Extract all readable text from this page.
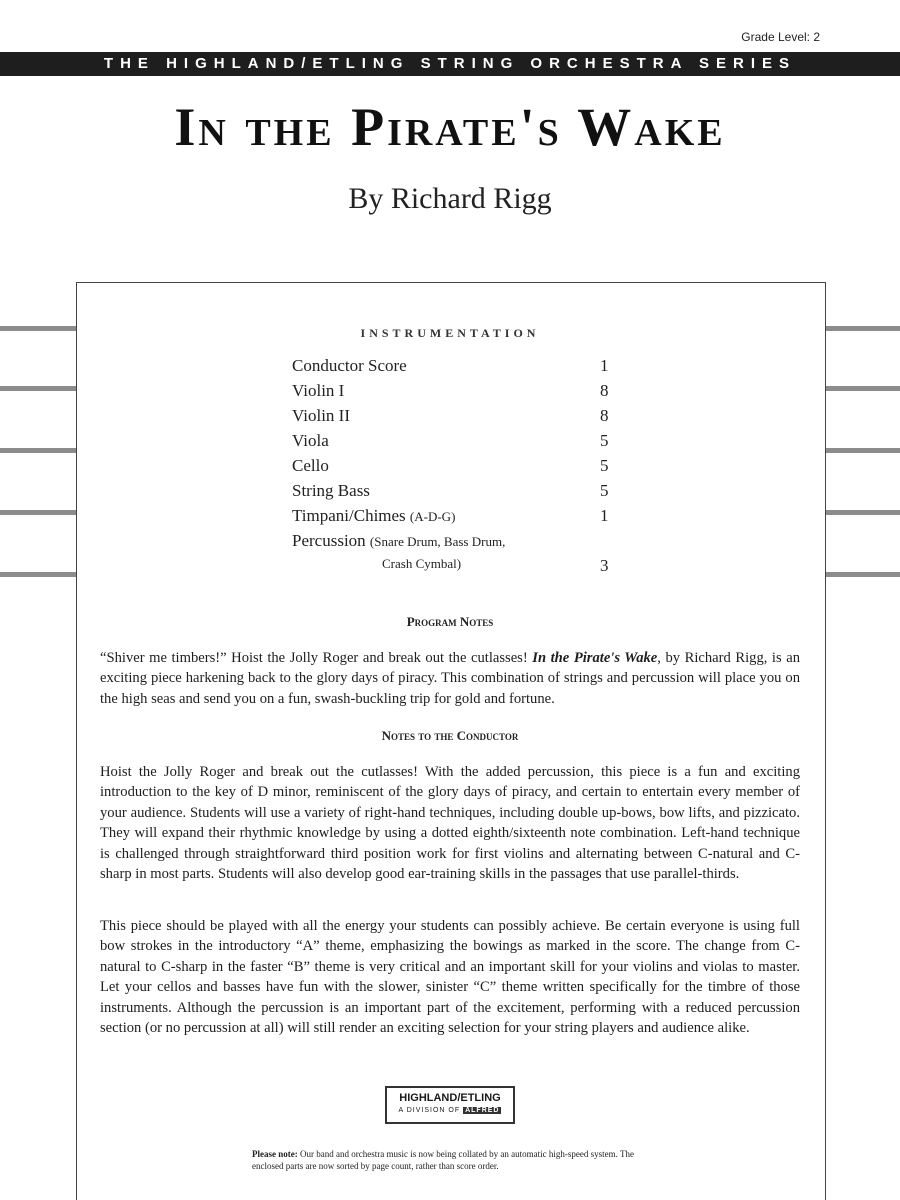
Grade Level: 2
THE HIGHLAND/ETLING STRING ORCHESTRA SERIES
In the Pirate's Wake
By Richard Rigg
INSTRUMENTATION
Conductor Score	1
Violin I	8
Violin II	8
Viola	5
Cello	5
String Bass	5
Timpani/Chimes (A-D-G)	1
Percussion (Snare Drum, Bass Drum,
Crash Cymbal)	3
Program Notes
“Shiver me timbers!” Hoist the Jolly Roger and break out the cutlasses! In the Pirate's Wake, by Richard Rigg, is an exciting piece harkening back to the glory days of piracy. This combination of strings and percussion will place you on the high seas and send you on a fun, swash-buckling trip for gold and fortune.
Notes to the Conductor
Hoist the Jolly Roger and break out the cutlasses! With the added percussion, this piece is a fun and exciting introduction to the key of D minor, reminiscent of the glory days of piracy, and certain to entertain every member of your audience. Students will use a variety of right-hand techniques, including double up-bows, bow lifts, and pizzicato. They will expand their rhythmic knowledge by using a dotted eighth/sixteenth note combination. Left-hand technique is challenged through straightforward third position work for first violins and alternating between C-natural and C-sharp in most parts. Students will also develop good ear-training skills in the passages that use parallel-thirds.
This piece should be played with all the energy your students can possibly achieve. Be certain everyone is using full bow strokes in the introductory “A” theme, emphasizing the bowings as marked in the score. The change from C-natural to C-sharp in the faster “B” theme is very critical and an important skill for your violins and violas to master. Let your cellos and basses have fun with the slower, sinister “C” theme written specifically for the timbre of those instruments. Although the percussion is an important part of the excitement, performing with a reduced percussion section (or no percussion at all) will still render an exciting selection for your string players and audience alike.
HIGHLAND/ETLING
A DIVISION OF ALFRED
Please note: Our band and orchestra music is now being collated by an automatic high-speed system. The enclosed parts are now sorted by page count, rather than score order.
